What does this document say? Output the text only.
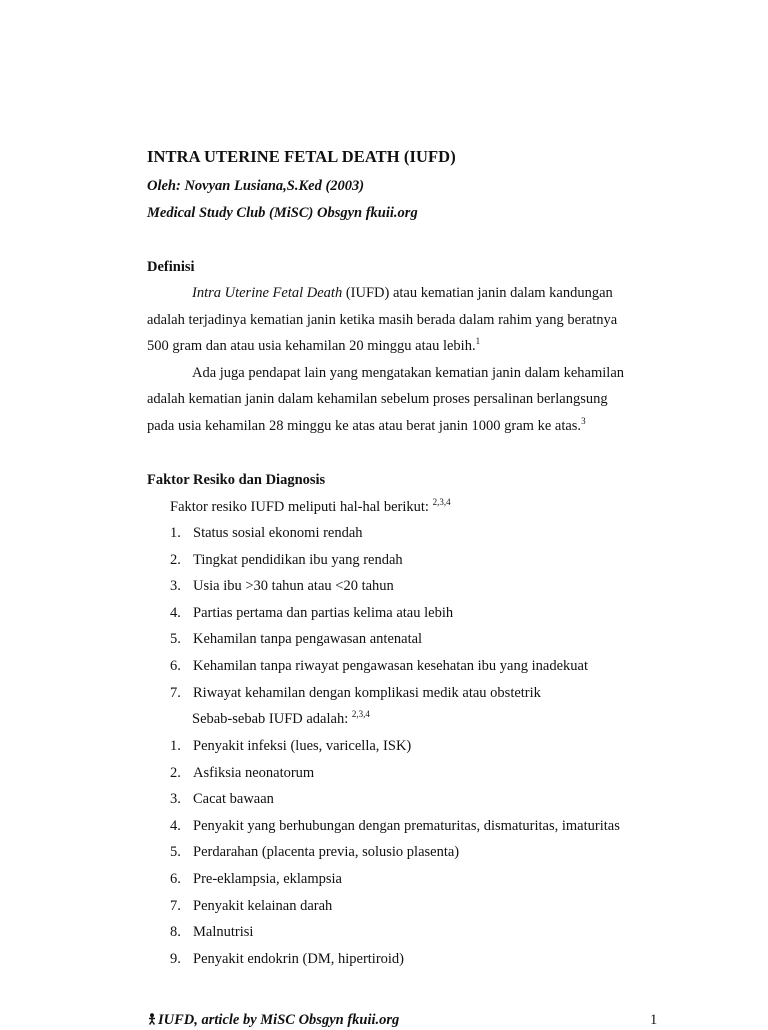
INTRA UTERINE FETAL DEATH (IUFD)
Oleh: Novyan Lusiana,S.Ked (2003)
Medical Study Club (MiSC) Obsgyn fkuii.org
Definisi
Intra Uterine Fetal Death (IUFD) atau kematian janin dalam kandungan
adalah terjadinya kematian janin ketika masih berada dalam rahim yang beratnya
500 gram dan atau usia kehamilan 20 minggu atau lebih.$^1$
Ada juga pendapat lain yang mengatakan kematian janin dalam kehamilan
adalah kematian janin dalam kehamilan sebelum proses persalinan berlangsung
pada usia kehamilan 28 minggu ke atas atau berat janin 1000 gram ke atas.$^3$
Faktor Resiko dan Diagnosis
Faktor resiko IUFD meliputi hal-hal berikut: $^{2,3,4}$
1. Status sosial ekonomi rendah
2. Tingkat pendidikan ibu yang rendah
3. Usia ibu >30 tahun atau <20 tahun
4. Partias pertama dan partias kelima atau lebih
5. Kehamilan tanpa pengawasan antenatal
6. Kehamilan tanpa riwayat pengawasan kesehatan ibu yang inadekuat
7. Riwayat kehamilan dengan komplikasi medik atau obstetrik
Sebab-sebab IUFD adalah: $^{2,3,4}$
1. Penyakit infeksi (lues, varicella, ISK)
2. Asfiksia neonatorum
3. Cacat bawaan
4. Penyakit yang berhubungan dengan prematuritas, dismaturitas, imaturitas
5. Perdarahan (placenta previa, solusio plasenta)
6. Pre-eklampsia, eklampsia
7. Penyakit kelainan darah
8. Malnutrisi
9. Penyakit endokrin (DM, hipertiroid)
IUFD, article by MiSC Obsgyn fkuii.org	1
